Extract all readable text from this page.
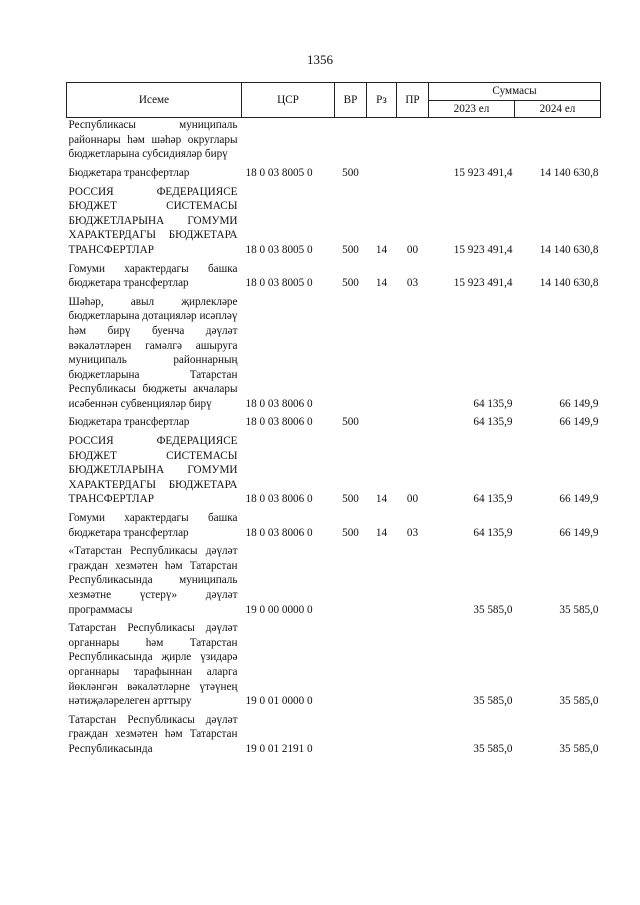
1356
Исеме	ЦСР	ВР	Рз	ПР	Суммасы	
					2023 ел	2024 ел
Республикасы муниципаль районнары һәм шәһәр округлары бюджетларына субсидияләр бирү						
Бюджетара трансфертлар	18 0 03 8005 0	500			15 923 491,4	14 140 630,8
РОССИЯ ФЕДЕРАЦИЯСЕ БЮДЖЕТ СИСТЕМАСЫ БЮДЖЕТЛАРЫНА ГОМУМИ ХАРАКТЕРДАГЫ БЮДЖЕТАРА ТРАНСФЕРТЛАР	18 0 03 8005 0	500	14	00	15 923 491,4	14 140 630,8
Гомуми характердагы башка бюджетара трансфертлар	18 0 03 8005 0	500	14	03	15 923 491,4	14 140 630,8
Шәһәр, авыл җирлекләре бюджетларына дотацияләр исәпләү һәм бирү буенча дәүләт вәкаләтләрен гамәлгә ашыруга муниципаль районнарның бюджетларына Татарстан Республикасы бюджеты акчалары исәбеннән субвенцияләр бирү	18 0 03 8006 0				64 135,9	66 149,9
Бюджетара трансфертлар	18 0 03 8006 0	500			64 135,9	66 149,9
РОССИЯ ФЕДЕРАЦИЯСЕ БЮДЖЕТ СИСТЕМАСЫ БЮДЖЕТЛАРЫНА ГОМУМИ ХАРАКТЕРДАГЫ БЮДЖЕТАРА ТРАНСФЕРТЛАР	18 0 03 8006 0	500	14	00	64 135,9	66 149,9
Гомуми характердагы башка бюджетара трансфертлар	18 0 03 8006 0	500	14	03	64 135,9	66 149,9
«Татарстан Республикасы дәүләт граждан хезмәтен һәм Татарстан Республикасында муниципаль хезмәтне үстерү» дәүләт программасы	19 0 00 0000 0				35 585,0	35 585,0
Татарстан Республикасы дәүләт органнары һәм Татарстан Республикасында җирле үзидарә органнары тарафыннан аларга йөкләнгән вәкаләтләрне үтәүнең нәтиҗәләрелеген арттыру	19 0 01 0000 0				35 585,0	35 585,0
Татарстан Республикасы дәүләт граждан хезмәтен һәм Татарстан Республикасында	19 0 01 2191 0				35 585,0	35 585,0
